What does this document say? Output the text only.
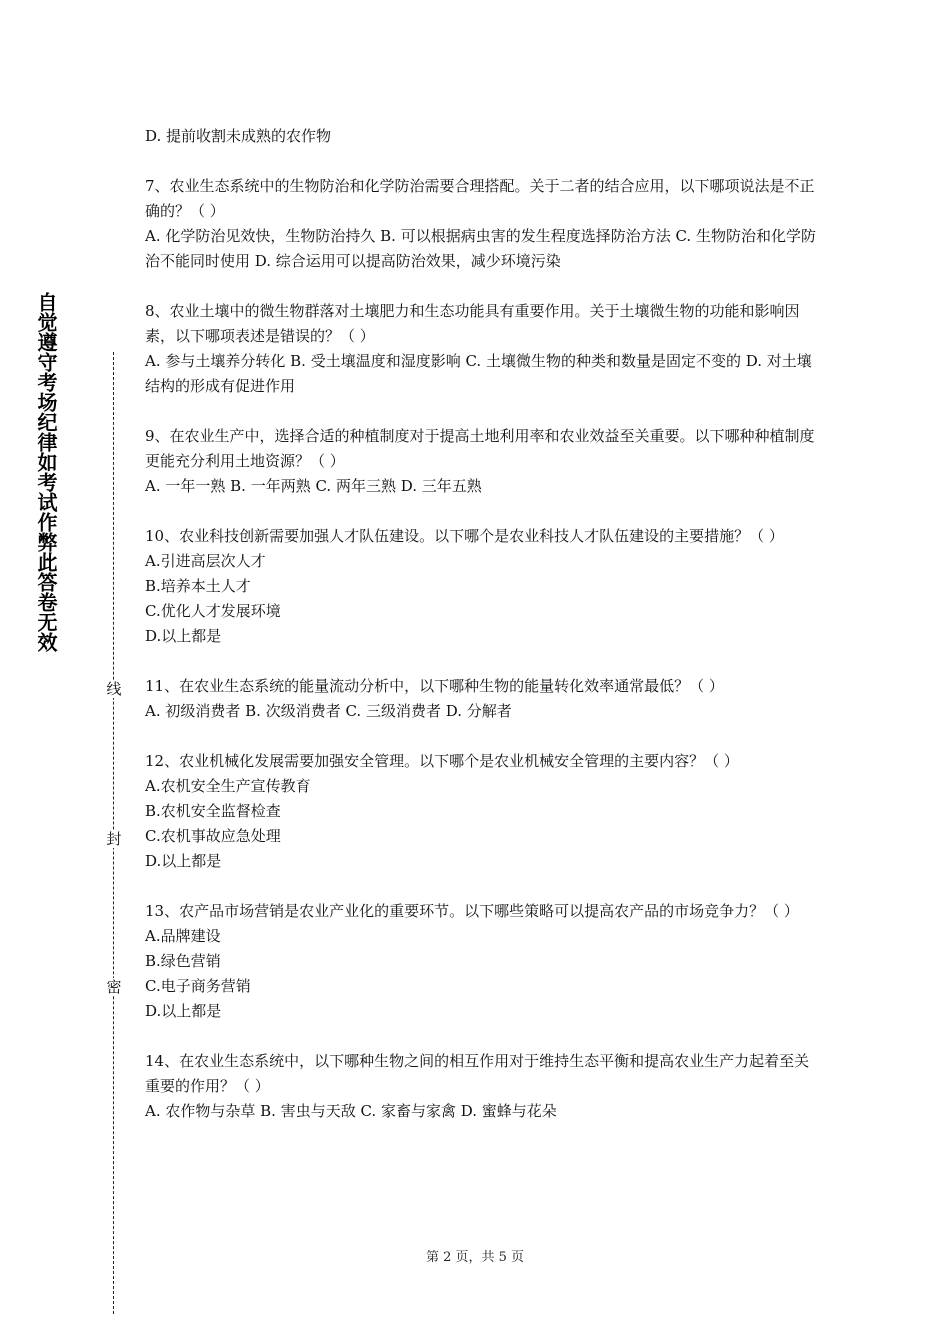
自觉遵守考场纪律如考试作弊此答卷无效
线
封
密

D. 提前收割未成熟的农作物

7、农业生态系统中的生物防治和化学防治需要合理搭配。关于二者的结合应用，以下哪项说法是不正确的？（ ）

A. 化学防治见效快，生物防治持久 B. 可以根据病虫害的发生程度选择防治方法 C. 生物防治和化学防治不能同时使用 D. 综合运用可以提高防治效果，减少环境污染

8、农业土壤中的微生物群落对土壤肥力和生态功能具有重要作用。关于土壤微生物的功能和影响因素，以下哪项表述是错误的？（ ）

A. 参与土壤养分转化 B. 受土壤温度和湿度影响 C. 土壤微生物的种类和数量是固定不变的 D. 对土壤结构的形成有促进作用

9、在农业生产中，选择合适的种植制度对于提高土地利用率和农业效益至关重要。以下哪种种植制度更能充分利用土地资源？（ ）

A. 一年一熟 B. 一年两熟 C. 两年三熟 D. 三年五熟

10、农业科技创新需要加强人才队伍建设。以下哪个是农业科技人才队伍建设的主要措施？（ ）

A.引进高层次人才

B.培养本土人才

C.优化人才发展环境

D.以上都是

11、在农业生态系统的能量流动分析中，以下哪种生物的能量转化效率通常最低？（ ）

A. 初级消费者 B. 次级消费者 C. 三级消费者 D. 分解者

12、农业机械化发展需要加强安全管理。以下哪个是农业机械安全管理的主要内容？（ ）

A.农机安全生产宣传教育

B.农机安全监督检查

C.农机事故应急处理

D.以上都是

13、农产品市场营销是农业产业化的重要环节。以下哪些策略可以提高农产品的市场竞争力？（ ）

A.品牌建设

B.绿色营销

C.电子商务营销

D.以上都是

14、在农业生态系统中，以下哪种生物之间的相互作用对于维持生态平衡和提高农业生产力起着至关重要的作用？（ ）

A. 农作物与杂草 B. 害虫与天敌 C. 家畜与家禽 D. 蜜蜂与花朵

第 2 页，共 5 页
